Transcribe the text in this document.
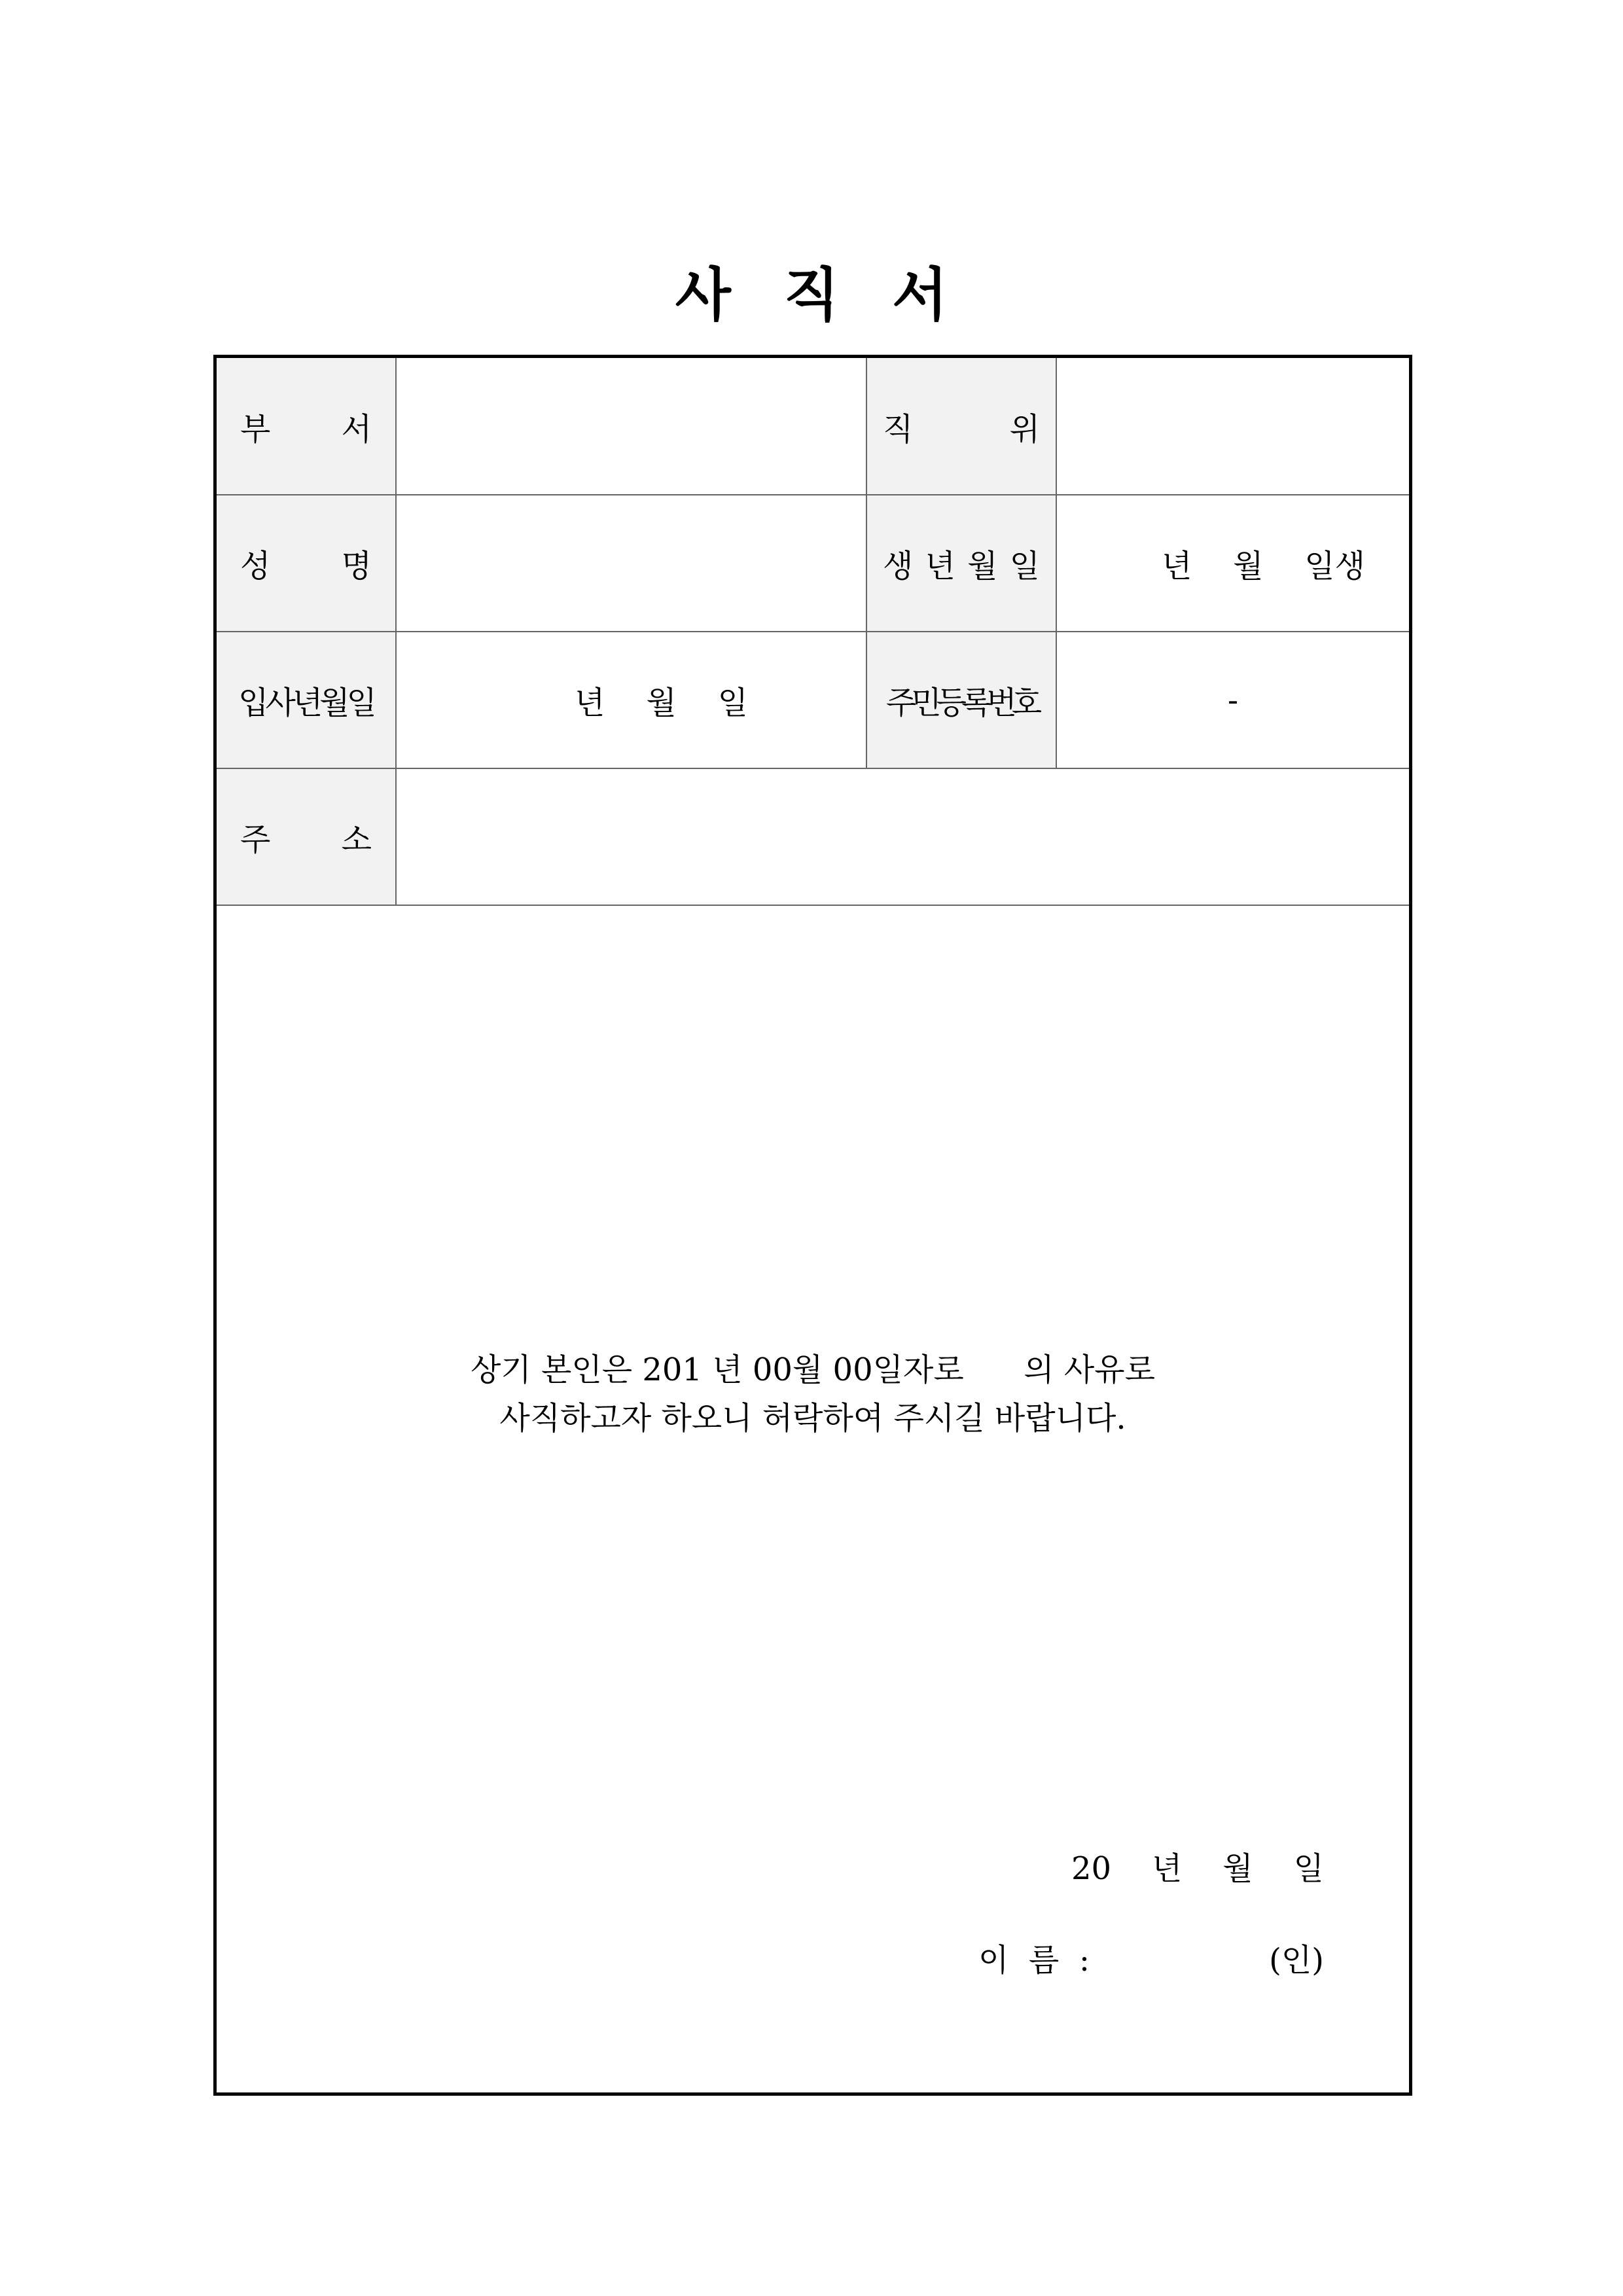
사 직 서
부 서		직 위	

성 명		생 년 월 일	년 월 일생

입사년월일	년 월 일	주민등록번호	-

주 소			

상기 본인은 201 년 00월 00일자로      의 사유로
사직하고자 하오니 허락하여 주시길 바랍니다.
20 년 월 일
이 름 :	(인)
